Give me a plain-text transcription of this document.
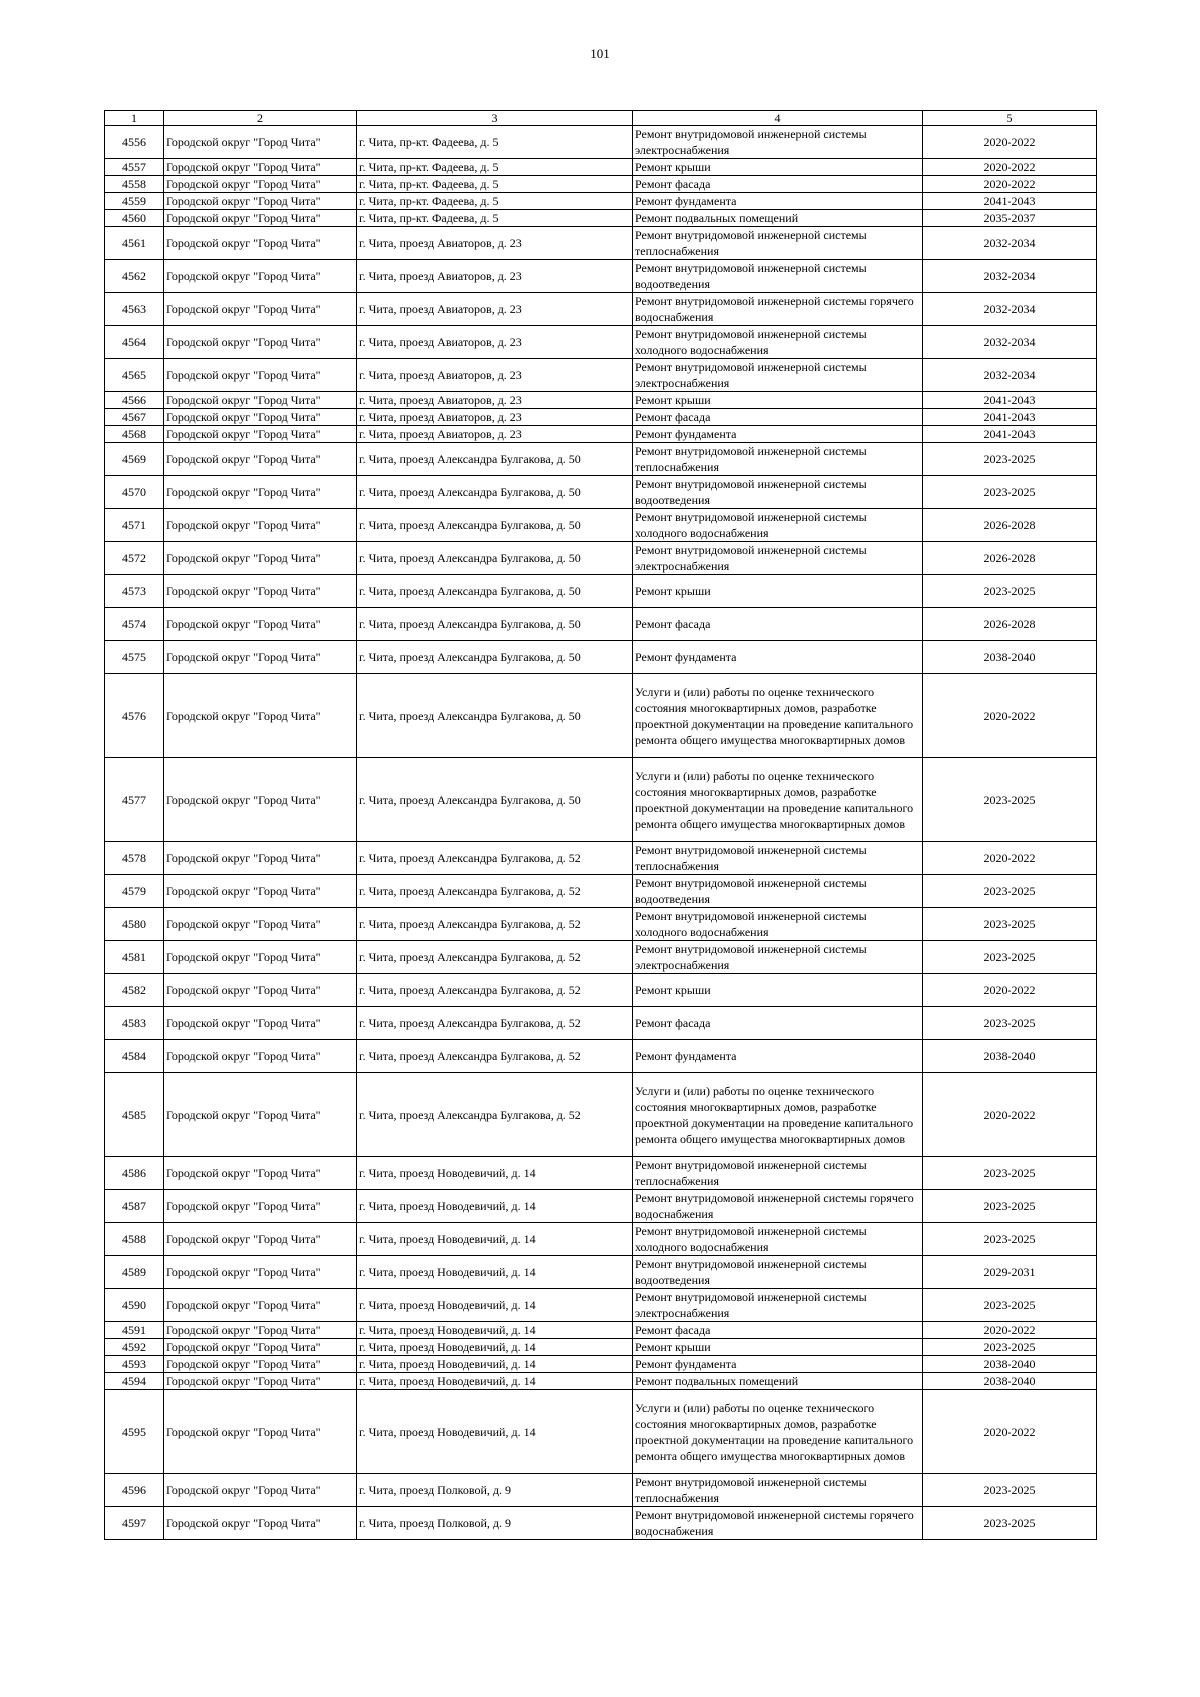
101
1	2	3	4	5
4556	Городской округ "Город Чита"	г. Чита, пр-кт. Фадеева, д. 5	Ремонт внутридомовой инженерной системы электроснабжения	2020-2022
4557	Городской округ "Город Чита"	г. Чита, пр-кт. Фадеева, д. 5	Ремонт крыши	2020-2022
4558	Городской округ "Город Чита"	г. Чита, пр-кт. Фадеева, д. 5	Ремонт фасада	2020-2022
4559	Городской округ "Город Чита"	г. Чита, пр-кт. Фадеева, д. 5	Ремонт фундамента	2041-2043
4560	Городской округ "Город Чита"	г. Чита, пр-кт. Фадеева, д. 5	Ремонт подвальных помещений	2035-2037
4561	Городской округ "Город Чита"	г. Чита, проезд Авиаторов, д. 23	Ремонт внутридомовой инженерной системы теплоснабжения	2032-2034
4562	Городской округ "Город Чита"	г. Чита, проезд Авиаторов, д. 23	Ремонт внутридомовой инженерной системы водоотведения	2032-2034
4563	Городской округ "Город Чита"	г. Чита, проезд Авиаторов, д. 23	Ремонт внутридомовой инженерной системы горячего водоснабжения	2032-2034
4564	Городской округ "Город Чита"	г. Чита, проезд Авиаторов, д. 23	Ремонт внутридомовой инженерной системы холодного водоснабжения	2032-2034
4565	Городской округ "Город Чита"	г. Чита, проезд Авиаторов, д. 23	Ремонт внутридомовой инженерной системы электроснабжения	2032-2034
4566	Городской округ "Город Чита"	г. Чита, проезд Авиаторов, д. 23	Ремонт крыши	2041-2043
4567	Городской округ "Город Чита"	г. Чита, проезд Авиаторов, д. 23	Ремонт фасада	2041-2043
4568	Городской округ "Город Чита"	г. Чита, проезд Авиаторов, д. 23	Ремонт фундамента	2041-2043
4569	Городской округ "Город Чита"	г. Чита, проезд Александра Булгакова, д. 50	Ремонт внутридомовой инженерной системы теплоснабжения	2023-2025
4570	Городской округ "Город Чита"	г. Чита, проезд Александра Булгакова, д. 50	Ремонт внутридомовой инженерной системы водоотведения	2023-2025
4571	Городской округ "Город Чита"	г. Чита, проезд Александра Булгакова, д. 50	Ремонт внутридомовой инженерной системы холодного водоснабжения	2026-2028
4572	Городской округ "Город Чита"	г. Чита, проезд Александра Булгакова, д. 50	Ремонт внутридомовой инженерной системы электроснабжения	2026-2028
4573	Городской округ "Город Чита"	г. Чита, проезд Александра Булгакова, д. 50	Ремонт крыши	2023-2025
4574	Городской округ "Город Чита"	г. Чита, проезд Александра Булгакова, д. 50	Ремонт фасада	2026-2028
4575	Городской округ "Город Чита"	г. Чита, проезд Александра Булгакова, д. 50	Ремонт фундамента	2038-2040
4576	Городской округ "Город Чита"	г. Чита, проезд Александра Булгакова, д. 50	Услуги и (или) работы по оценке технического состояния многоквартирных домов, разработке проектной документации на проведение капитального ремонта общего имущества многоквартирных домов	2020-2022
4577	Городской округ "Город Чита"	г. Чита, проезд Александра Булгакова, д. 50	Услуги и (или) работы по оценке технического состояния многоквартирных домов, разработке проектной документации на проведение капитального ремонта общего имущества многоквартирных домов	2023-2025
4578	Городской округ "Город Чита"	г. Чита, проезд Александра Булгакова, д. 52	Ремонт внутридомовой инженерной системы теплоснабжения	2020-2022
4579	Городской округ "Город Чита"	г. Чита, проезд Александра Булгакова, д. 52	Ремонт внутридомовой инженерной системы водоотведения	2023-2025
4580	Городской округ "Город Чита"	г. Чита, проезд Александра Булгакова, д. 52	Ремонт внутридомовой инженерной системы холодного водоснабжения	2023-2025
4581	Городской округ "Город Чита"	г. Чита, проезд Александра Булгакова, д. 52	Ремонт внутридомовой инженерной системы электроснабжения	2023-2025
4582	Городской округ "Город Чита"	г. Чита, проезд Александра Булгакова, д. 52	Ремонт крыши	2020-2022
4583	Городской округ "Город Чита"	г. Чита, проезд Александра Булгакова, д. 52	Ремонт фасада	2023-2025
4584	Городской округ "Город Чита"	г. Чита, проезд Александра Булгакова, д. 52	Ремонт фундамента	2038-2040
4585	Городской округ "Город Чита"	г. Чита, проезд Александра Булгакова, д. 52	Услуги и (или) работы по оценке технического состояния многоквартирных домов, разработке проектной документации на проведение капитального ремонта общего имущества многоквартирных домов	2020-2022
4586	Городской округ "Город Чита"	г. Чита, проезд Новодевичий, д. 14	Ремонт внутридомовой инженерной системы теплоснабжения	2023-2025
4587	Городской округ "Город Чита"	г. Чита, проезд Новодевичий, д. 14	Ремонт внутридомовой инженерной системы горячего водоснабжения	2023-2025
4588	Городской округ "Город Чита"	г. Чита, проезд Новодевичий, д. 14	Ремонт внутридомовой инженерной системы холодного водоснабжения	2023-2025
4589	Городской округ "Город Чита"	г. Чита, проезд Новодевичий, д. 14	Ремонт внутридомовой инженерной системы водоотведения	2029-2031
4590	Городской округ "Город Чита"	г. Чита, проезд Новодевичий, д. 14	Ремонт внутридомовой инженерной системы электроснабжения	2023-2025
4591	Городской округ "Город Чита"	г. Чита, проезд Новодевичий, д. 14	Ремонт фасада	2020-2022
4592	Городской округ "Город Чита"	г. Чита, проезд Новодевичий, д. 14	Ремонт крыши	2023-2025
4593	Городской округ "Город Чита"	г. Чита, проезд Новодевичий, д. 14	Ремонт фундамента	2038-2040
4594	Городской округ "Город Чита"	г. Чита, проезд Новодевичий, д. 14	Ремонт подвальных помещений	2038-2040
4595	Городской округ "Город Чита"	г. Чита, проезд Новодевичий, д. 14	Услуги и (или) работы по оценке технического состояния многоквартирных домов, разработке проектной документации на проведение капитального ремонта общего имущества многоквартирных домов	2020-2022
4596	Городской округ "Город Чита"	г. Чита, проезд Полковой, д. 9	Ремонт внутридомовой инженерной системы теплоснабжения	2023-2025
4597	Городской округ "Город Чита"	г. Чита, проезд Полковой, д. 9	Ремонт внутридомовой инженерной системы горячего водоснабжения	2023-2025
